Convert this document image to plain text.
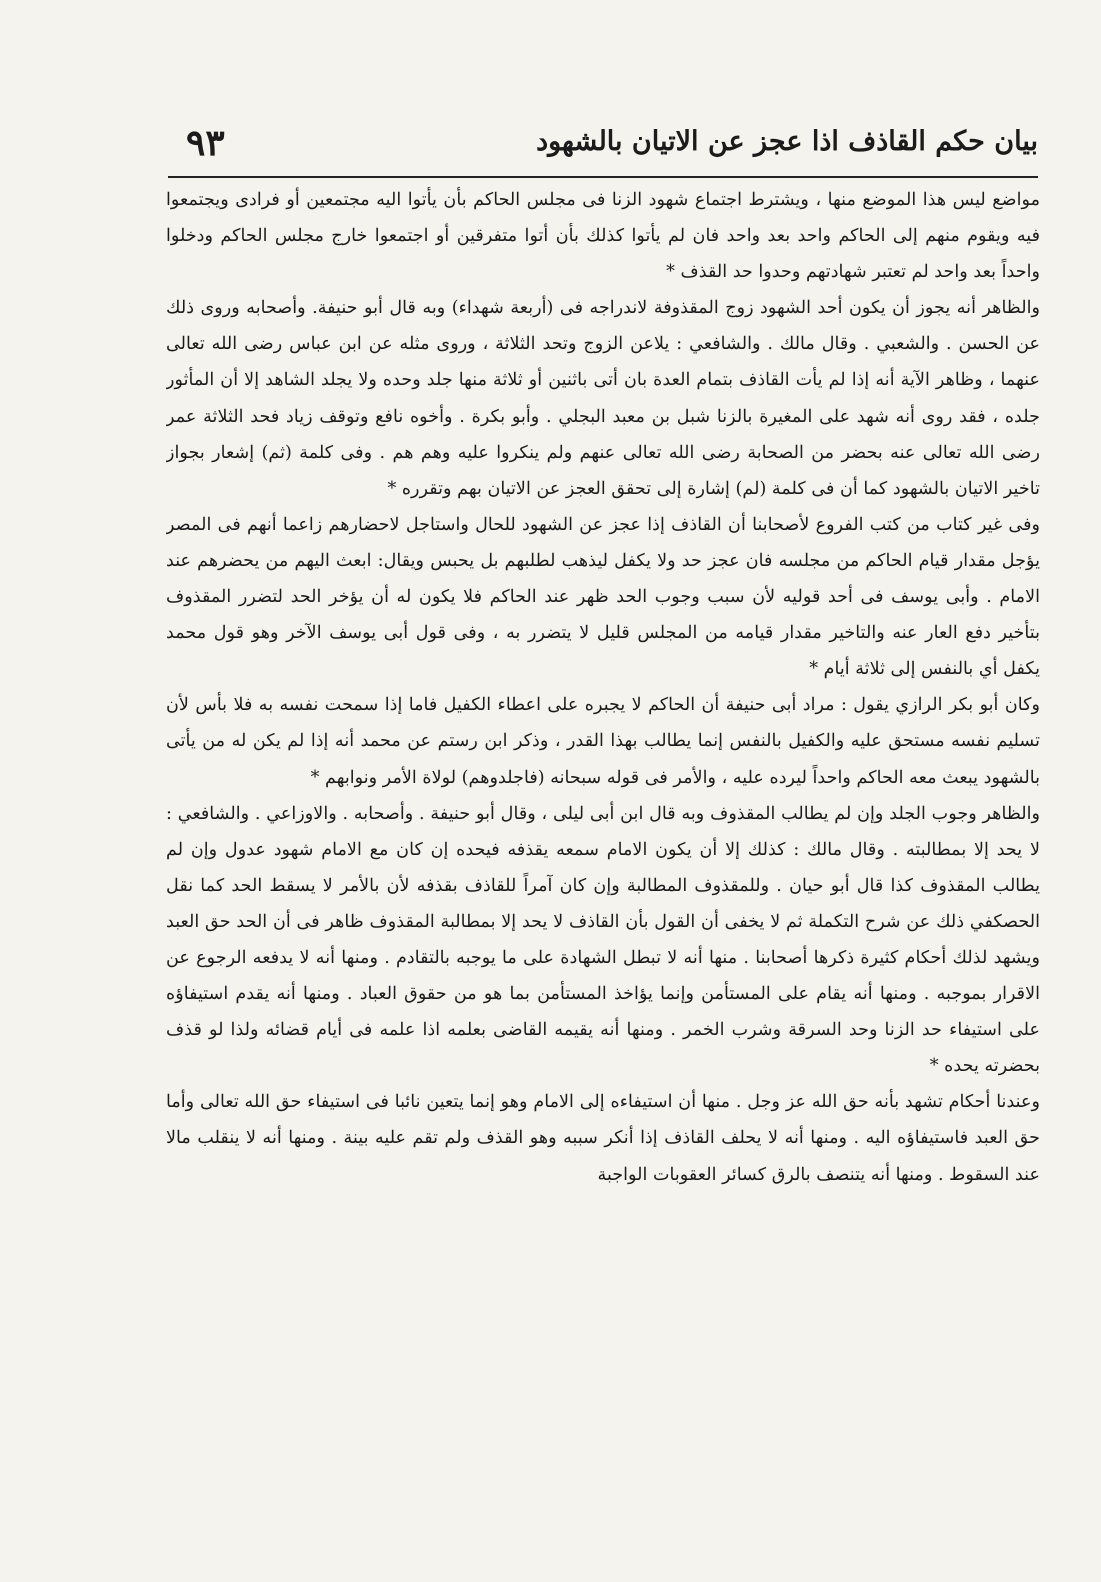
بيان حكم القاذف اذا عجز عن الاتيان بالشهود
٩٣

مواضع ليس هذا الموضع منها ، ويشترط اجتماع شهود الزنا فى مجلس الحاكم بأن يأتوا اليه مجتمعين أو فرادى ويجتمعوا فيه ويقوم منهم إلى الحاكم واحد بعد واحد فان لم يأتوا كذلك بأن أتوا متفرقين أو اجتمعوا خارج مجلس الحاكم ودخلوا واحداً بعد واحد لم تعتبر شهادتهم وحدوا حد القذف *

والظاهر أنه يجوز أن يكون أحد الشهود زوج المقذوفة لاندراجه فى (أربعة شهداء) وبه قال أبو حنيفة. وأصحابه وروى ذلك عن الحسن . والشعبي . وقال مالك . والشافعي : يلاعن الزوج وتحد الثلاثة ، وروى مثله عن ابن عباس رضى الله تعالى عنهما ، وظاهر الآية أنه إذا لم يأت القاذف بتمام العدة بان أتى باثنين أو ثلاثة منها جلد وحده ولا يجلد الشاهد إلا أن المأثور جلده ، فقد روى أنه شهد على المغيرة بالزنا شبل بن معبد البجلي . وأبو بكرة . وأخوه نافع وتوقف زياد فحد الثلاثة عمر رضى الله تعالى عنه بحضر من الصحابة رضى الله تعالى عنهم ولم ينكروا عليه وهم هم . وفى كلمة (ثم) إشعار بجواز تاخير الاتيان بالشهود كما أن فى كلمة (لم) إشارة إلى تحقق العجز عن الاتيان بهم وتقرره *

وفى غير كتاب من كتب الفروع لأصحابنا أن القاذف إذا عجز عن الشهود للحال واستاجل لاحضارهم زاعما أنهم فى المصر يؤجل مقدار قيام الحاكم من مجلسه فان عجز حد ولا يكفل ليذهب لطلبهم بل يحبس ويقال: ابعث اليهم من يحضرهم عند الامام . وأبى يوسف فى أحد قوليه لأن سبب وجوب الحد ظهر عند الحاكم فلا يكون له أن يؤخر الحد لتضرر المقذوف بتأخير دفع العار عنه والتاخير مقدار قيامه من المجلس قليل لا يتضرر به ، وفى قول أبى يوسف الآخر وهو قول محمد يكفل أي بالنفس إلى ثلاثة أيام *

وكان أبو بكر الرازي يقول : مراد أبى حنيفة أن الحاكم لا يجبره على اعطاء الكفيل فاما إذا سمحت نفسه به فلا بأس لأن تسليم نفسه مستحق عليه والكفيل بالنفس إنما يطالب بهذا القدر ، وذكر ابن رستم عن محمد أنه إذا لم يكن له من يأتى بالشهود يبعث معه الحاكم واحداً ليرده عليه ، والأمر فى قوله سبحانه (فاجلدوهم) لولاة الأمر ونوابهم *

والظاهر وجوب الجلد وإن لم يطالب المقذوف وبه قال ابن أبى ليلى ، وقال أبو حنيفة . وأصحابه . والاوزاعي . والشافعي : لا يحد إلا بمطالبته . وقال مالك : كذلك إلا أن يكون الامام سمعه يقذفه فيحده إن كان مع الامام شهود عدول وإن لم يطالب المقذوف كذا قال أبو حيان . وللمقذوف المطالبة وإن كان آمراً للقاذف بقذفه لأن بالأمر لا يسقط الحد كما نقل الحصكفي ذلك عن شرح التكملة ثم لا يخفى أن القول بأن القاذف لا يحد إلا بمطالبة المقذوف ظاهر فى أن الحد حق العبد ويشهد لذلك أحكام كثيرة ذكرها أصحابنا . منها أنه لا تبطل الشهادة على ما يوجبه بالتقادم . ومنها أنه لا يدفعه الرجوع عن الاقرار بموجبه . ومنها أنه يقام على المستأمن وإنما يؤاخذ المستأمن بما هو من حقوق العباد . ومنها أنه يقدم استيفاؤه على استيفاء حد الزنا وحد السرقة وشرب الخمر . ومنها أنه يقيمه القاضى بعلمه اذا علمه فى أيام قضائه ولذا لو قذف بحضرته يحده *

وعندنا أحكام تشهد بأنه حق الله عز وجل . منها أن استيفاءه إلى الامام وهو إنما يتعين نائبا فى استيفاء حق الله تعالى وأما حق العبد فاستيفاؤه اليه . ومنها أنه لا يحلف القاذف إذا أنكر سببه وهو القذف ولم تقم عليه بينة . ومنها أنه لا ينقلب مالا عند السقوط . ومنها أنه يتنصف بالرق كسائر العقوبات الواجبة
